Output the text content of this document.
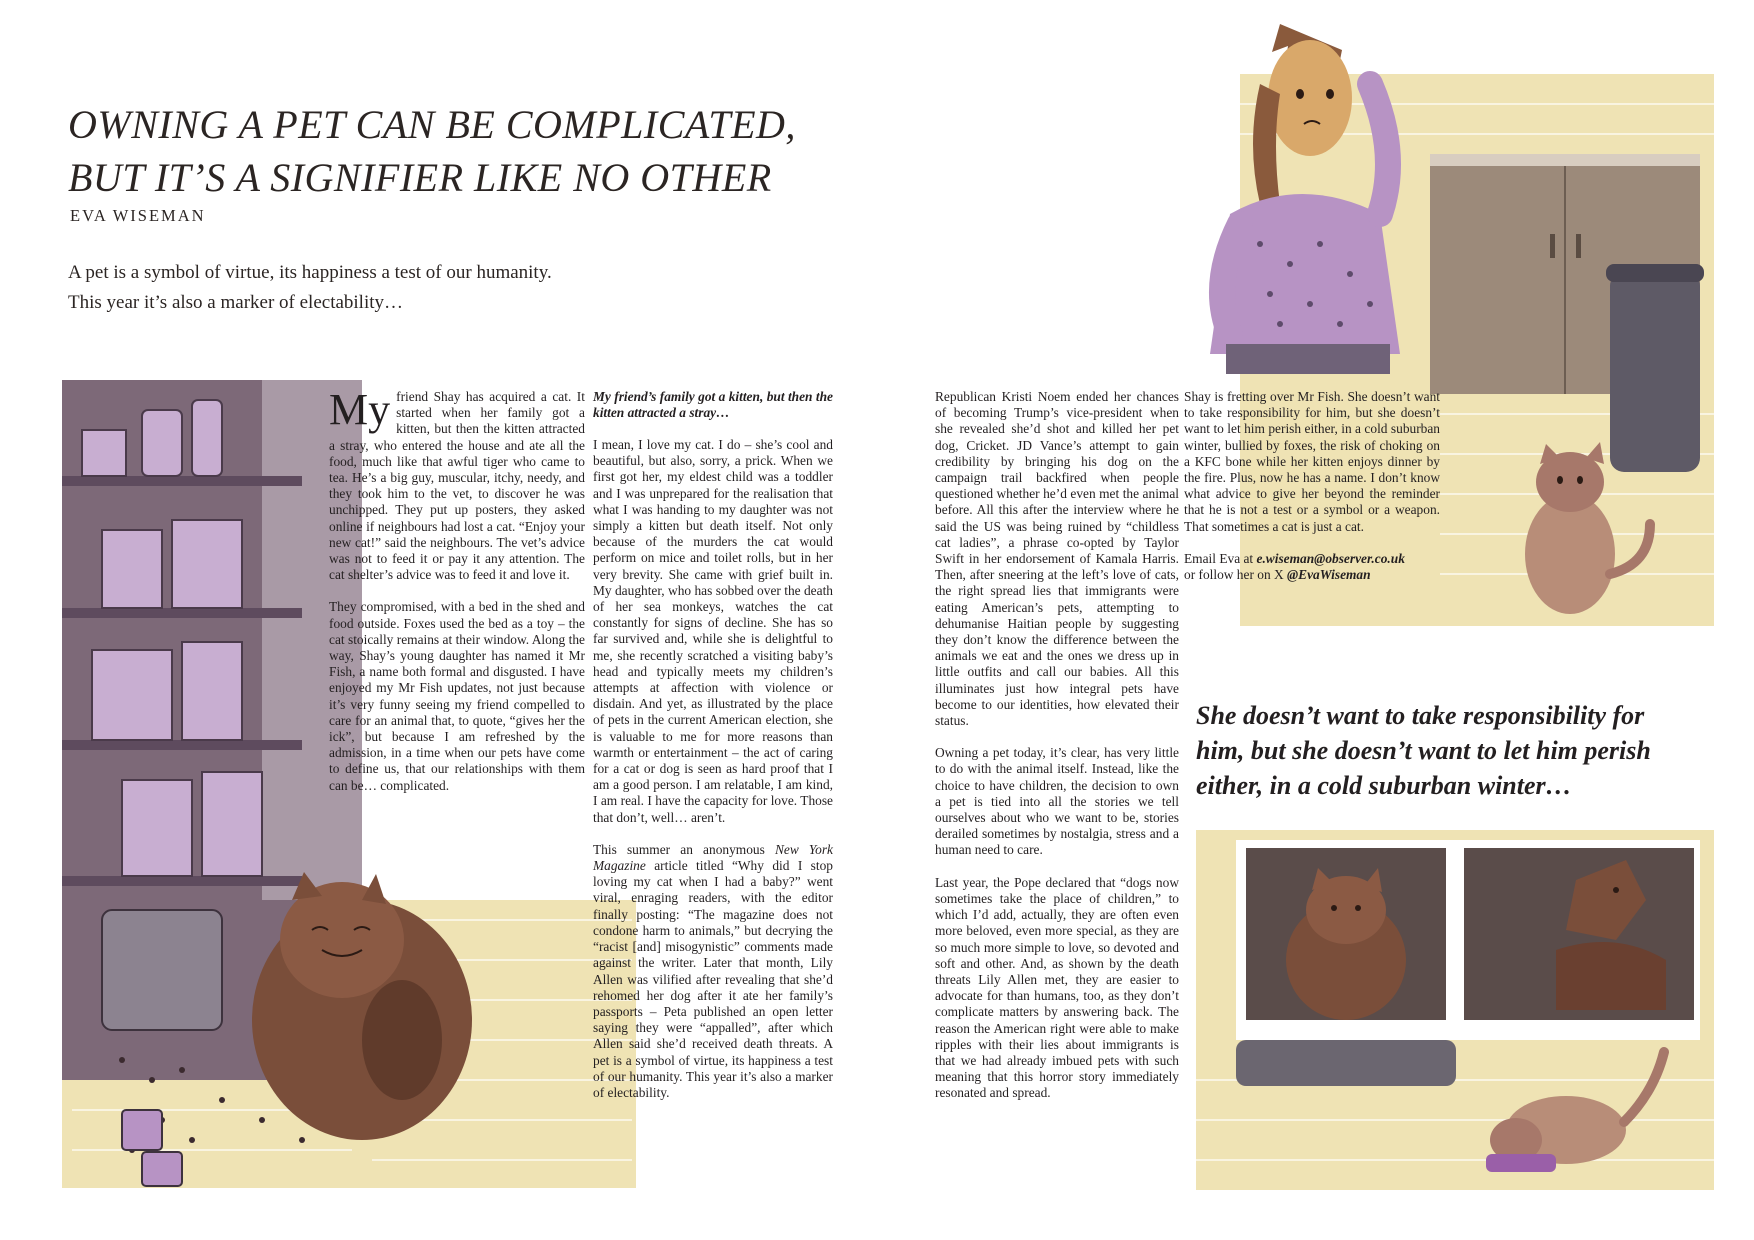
OWNING A PET CAN BE COMPLICATED,
BUT IT’S A SIGNIFIER LIKE NO OTHER
EVA WISEMAN
A pet is a symbol of virtue, its happiness a test of our humanity.
This year it’s also a marker of electability…

My friend Shay has acquired a cat. It started when her family got a kitten, but then the kitten attracted a stray, who entered the house and ate all the food, much like that awful tiger who came to tea. He’s a big guy, muscular, itchy, needy, and they took him to the vet, to discover he was unchipped. They put up posters, they asked online if neighbours had lost a cat. “Enjoy your new cat!” said the neighbours. The vet’s advice was not to feed it or pay it any attention. The cat shelter’s advice was to feed it and love it.

They compromised, with a bed in the shed and food outside. Foxes used the bed as a toy – the cat stoically remains at their window. Along the way, Shay’s young daughter has named it Mr Fish, a name both formal and disgusted. I have enjoyed my Mr Fish updates, not just because it’s very funny seeing my friend compelled to care for an animal that, to quote, “gives her the ick”, but because I am refreshed by the admission, in a time when our pets have come to define us, that our relationships with them can be… complicated.

My friend’s family got a kitten, but then the kitten attracted a stray…

I mean, I love my cat. I do – she’s cool and beautiful, but also, sorry, a prick. When we first got her, my eldest child was a toddler and I was unprepared for the realisation that what I was handing to my daughter was not simply a kitten but death itself. Not only because of the murders the cat would perform on mice and toilet rolls, but in her very brevity. She came with grief built in. My daughter, who has sobbed over the death of her sea monkeys, watches the cat constantly for signs of decline. She has so far survived and, while she is delightful to me, she recently scratched a visiting baby’s head and typically meets my children’s attempts at affection with violence or disdain. And yet, as illustrated by the place of pets in the current American election, she is valuable to me for more reasons than warmth or entertainment – the act of caring for a cat or dog is seen as hard proof that I am a good person. I am relatable, I am kind, I am real. I have the capacity for love. Those that don’t, well… aren’t.

This summer an anonymous New York Magazine article titled “Why did I stop loving my cat when I had a baby?” went viral, enraging readers, with the editor finally posting: “The magazine does not condone harm to animals,” but decrying the “racist [and] misogynistic” comments made against the writer. Later that month, Lily Allen was vilified after revealing that she’d rehomed her dog after it ate her family’s passports – Peta published an open letter saying they were “appalled”, after which Allen said she’d received death threats. A pet is a symbol of virtue, its happiness a test of our humanity. This year it’s also a marker of electability.

Republican Kristi Noem ended her chances of becoming Trump’s vice-president when she revealed she’d shot and killed her pet dog, Cricket. JD Vance’s attempt to gain credibility by bringing his dog on the campaign trail backfired when people questioned whether he’d even met the animal before. All this after the interview where he said the US was being ruined by “childless cat ladies”, a phrase co-opted by Taylor Swift in her endorsement of Kamala Harris. Then, after sneering at the left’s love of cats, the right spread lies that immigrants were eating American’s pets, attempting to dehumanise Haitian people by suggesting they don’t know the difference between the animals we eat and the ones we dress up in little outfits and call our babies. All this illuminates just how integral pets have become to our identities, how elevated their status.

Owning a pet today, it’s clear, has very little to do with the animal itself. Instead, like the choice to have children, the decision to own a pet is tied into all the stories we tell ourselves about who we want to be, stories derailed sometimes by nostalgia, stress and a human need to care.

Last year, the Pope declared that “dogs now sometimes take the place of children,” to which I’d add, actually, they are often even more beloved, even more special, as they are so much more simple to love, so devoted and soft and other. And, as shown by the death threats Lily Allen met, they are easier to advocate for than humans, too, as they don’t complicate matters by answering back. The reason the American right were able to make ripples with their lies about immigrants is that we had already imbued pets with such meaning that this horror story immediately resonated and spread.

Shay is fretting over Mr Fish. She doesn’t want to take responsibility for him, but she doesn’t want to let him perish either, in a cold suburban winter, bullied by foxes, the risk of choking on a KFC bone while her kitten enjoys dinner by the fire. Plus, now he has a name. I don’t know what advice to give her beyond the reminder that he is not a test or a symbol or a weapon. That sometimes a cat is just a cat.

Email Eva at e.wiseman@observer.co.uk
or follow her on X @EvaWiseman

She doesn’t want to take responsibility for him, but she doesn’t want to let him perish either, in a cold suburban winter…
